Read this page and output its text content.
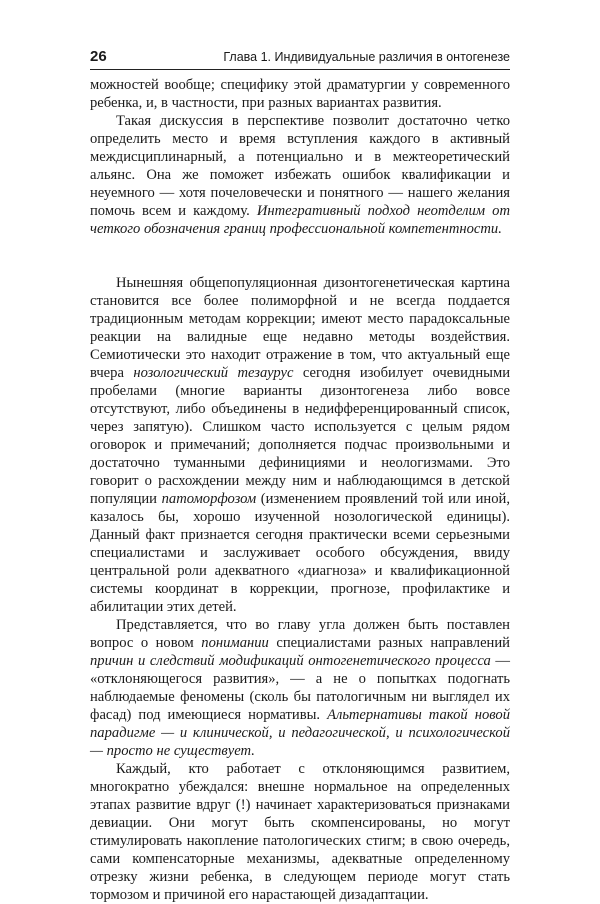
26	Глава 1. Индивидуальные различия в онтогенезе

можностей вообще; специфику этой драматургии у современного ребенка, и, в частности, при разных вариантах развития.

Такая дискуссия в перспективе позволит достаточно четко определить место и время вступления каждого в активный междисциплинарный, а потенциально и в межтеоретический альянс. Она же поможет избежать ошибок квалификации и неуемного — хотя почеловечески и понятного — нашего желания помочь всем и каждому. Интегративный подход неотделим от четкого обозначения границ профессиональной компетентности.

Нынешняя общепопуляционная дизонтогенетическая картина становится все более полиморфной и не всегда поддается традиционным методам коррекции; имеют место парадоксальные реакции на валидные еще недавно методы воздействия. Семиотически это находит отражение в том, что актуальный еще вчера нозологический тезаурус сегодня изобилует очевидными пробелами (многие варианты дизонтогенеза либо вовсе отсутствуют, либо объединены в недифференцированный список, через запятую). Слишком часто используется с целым рядом оговорок и примечаний; дополняется подчас произвольными и достаточно туманными дефинициями и неологизмами. Это говорит о расхождении между ним и наблюдающимся в детской популяции патоморфозом (изменением проявлений той или иной, казалось бы, хорошо изученной нозологической единицы). Данный факт признается сегодня практически всеми серьезными специалистами и заслуживает особого обсуждения, ввиду центральной роли адекватного «диагноза» и квалификационной системы координат в коррекции, прогнозе, профилактике и абилитации этих детей.

Представляется, что во главу угла должен быть поставлен вопрос о новом понимании специалистами разных направлений причин и следствий модификаций онтогенетического процесса — «отклоняющегося развития», — а не о попытках подогнать наблюдаемые феномены (сколь бы патологичным ни выглядел их фасад) под имеющиеся нормативы. Альтернативы такой новой парадигме — и клинической, и педагогической, и психологической — просто не существует.

Каждый, кто работает с отклоняющимся развитием, многократно убеждался: внешне нормальное на определенных этапах развитие вдруг (!) начинает характеризоваться признаками девиации. Они могут быть скомпенсированы, но могут стимулировать накопление патологических стигм; в свою очередь, сами компенсаторные механизмы, адекватные определенному отрезку жизни ребенка, в следующем периоде могут стать тормозом и причиной его нарастающей дизадаптации.
